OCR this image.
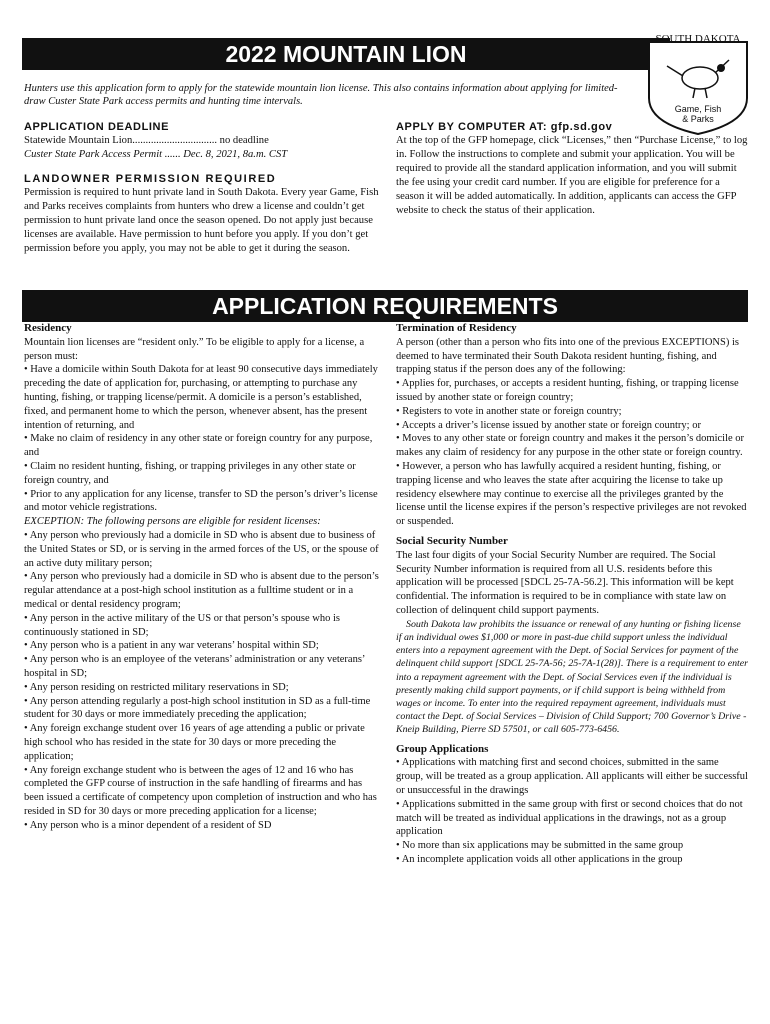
2022 MOUNTAIN LION
SOUTH DAKOTA
Game, Fish
& Parks

Hunters use this application form to apply for the statewide mountain lion license. This also contains information about applying for limited-draw Custer State Park access permits and hunting time intervals.

APPLICATION DEADLINE

Statewide Mountain Lion................................ no deadline

Custer State Park Access Permit ...... Dec. 8, 2021, 8a.m. CST

LANDOWNER PERMISSION REQUIRED

Permission is required to hunt private land in South Dakota. Every year Game, Fish and Parks receives complaints from hunters who drew a license and couldn’t get permission to hunt private land once the season opened. Do not apply just because licenses are available. Have permission to hunt before you apply. If you don’t get permission before you apply, you may not be able to get it during the season.

APPLY BY COMPUTER AT: gfp.sd.gov

At the top of the GFP homepage, click “Licenses,” then “Purchase License,” to log in. Follow the instructions to complete and submit your application. You will be required to provide all the standard application information, and you will submit the fee using your credit card number. If you are eligible for preference for a season it will be added automatically. In addition, applicants can access the GFP website to check the status of their application.

APPLICATION REQUIREMENTS

Residency

Mountain lion licenses are “resident only.” To be eligible to apply for a license, a person must:

• Have a domicile within South Dakota for at least 90 consecutive days immediately preceding the date of application for, purchasing, or attempting to purchase any hunting, fishing, or trapping license/permit. A domicile is a person’s established, fixed, and permanent home to which the person, whenever absent, has the present intention of returning, and

• Make no claim of residency in any other state or foreign country for any purpose, and

• Claim no resident hunting, fishing, or trapping privileges in any other state or foreign country, and

• Prior to any application for any license, transfer to SD the person’s driver’s license and motor vehicle registrations.

EXCEPTION: The following persons are eligible for resident licenses:

• Any person who previously had a domicile in SD who is absent due to business of the United States or SD, or is serving in the armed forces of the US, or the spouse of an active duty military person;

• Any person who previously had a domicile in SD who is absent due to the person’s regular attendance at a post-high school institution as a fulltime student or in a medical or dental residency program;

• Any person in the active military of the US or that person’s spouse who is continuously stationed in SD;

• Any person who is a patient in any war veterans’ hospital within SD;

• Any person who is an employee of the veterans’ administration or any veterans’ hospital in SD;

• Any person residing on restricted military reservations in SD;

• Any person attending regularly a post-high school institution in SD as a full-time student for 30 days or more immediately preceding the application;

• Any foreign exchange student over 16 years of age attending a public or private high school who has resided in the state for 30 days or more preceding the application;

• Any foreign exchange student who is between the ages of 12 and 16 who has completed the GFP course of instruction in the safe handling of firearms and has been issued a certificate of competency upon completion of instruction and who has resided in SD for 30 days or more preceding application for a license;

• Any person who is a minor dependent of a resident of SD

Termination of Residency

A person (other than a person who fits into one of the previous EXCEPTIONS) is deemed to have terminated their South Dakota resident hunting, fishing, and trapping status if the person does any of the following:

• Applies for, purchases, or accepts a resident hunting, fishing, or trapping license issued by another state or foreign country;

• Registers to vote in another state or foreign country;

• Accepts a driver’s license issued by another state or foreign country; or

• Moves to any other state or foreign country and makes it the person’s domicile or makes any claim of residency for any purpose in the other state or foreign country.

• However, a person who has lawfully acquired a resident hunting, fishing, or trapping license and who leaves the state after acquiring the license to take up residency elsewhere may continue to exercise all the privileges granted by the license until the license expires if the person’s respective privileges are not revoked or suspended.

Social Security Number

The last four digits of your Social Security Number are required. The Social Security Number information is required from all U.S. residents before this application will be processed [SDCL 25-7A-56.2]. This information will be kept confidential. The information is required to be in compliance with state law on collection of delinquent child support payments.

South Dakota law prohibits the issuance or renewal of any hunting or fishing license if an individual owes $1,000 or more in past-due child support unless the individual enters into a repayment agreement with the Dept. of Social Services for payment of the delinquent child support [SDCL 25-7A-56; 25-7A-1(28)]. There is a requirement to enter into a repayment agreement with the Dept. of Social Services even if the individual is presently making child support payments, or if child support is being withheld from wages or income. To enter into the required repayment agreement, individuals must contact the Dept. of Social Services – Division of Child Support; 700 Governor’s Drive - Kneip Building, Pierre SD 57501, or call 605-773-6456.

Group Applications

• Applications with matching first and second choices, submitted in the same group, will be treated as a group application. All applicants will either be successful or unsuccessful in the drawings

• Applications submitted in the same group with first or second choices that do not match will be treated as individual applications in the drawings, not as a group application

• No more than six applications may be submitted in the same group

• An incomplete application voids all other applications in the group
